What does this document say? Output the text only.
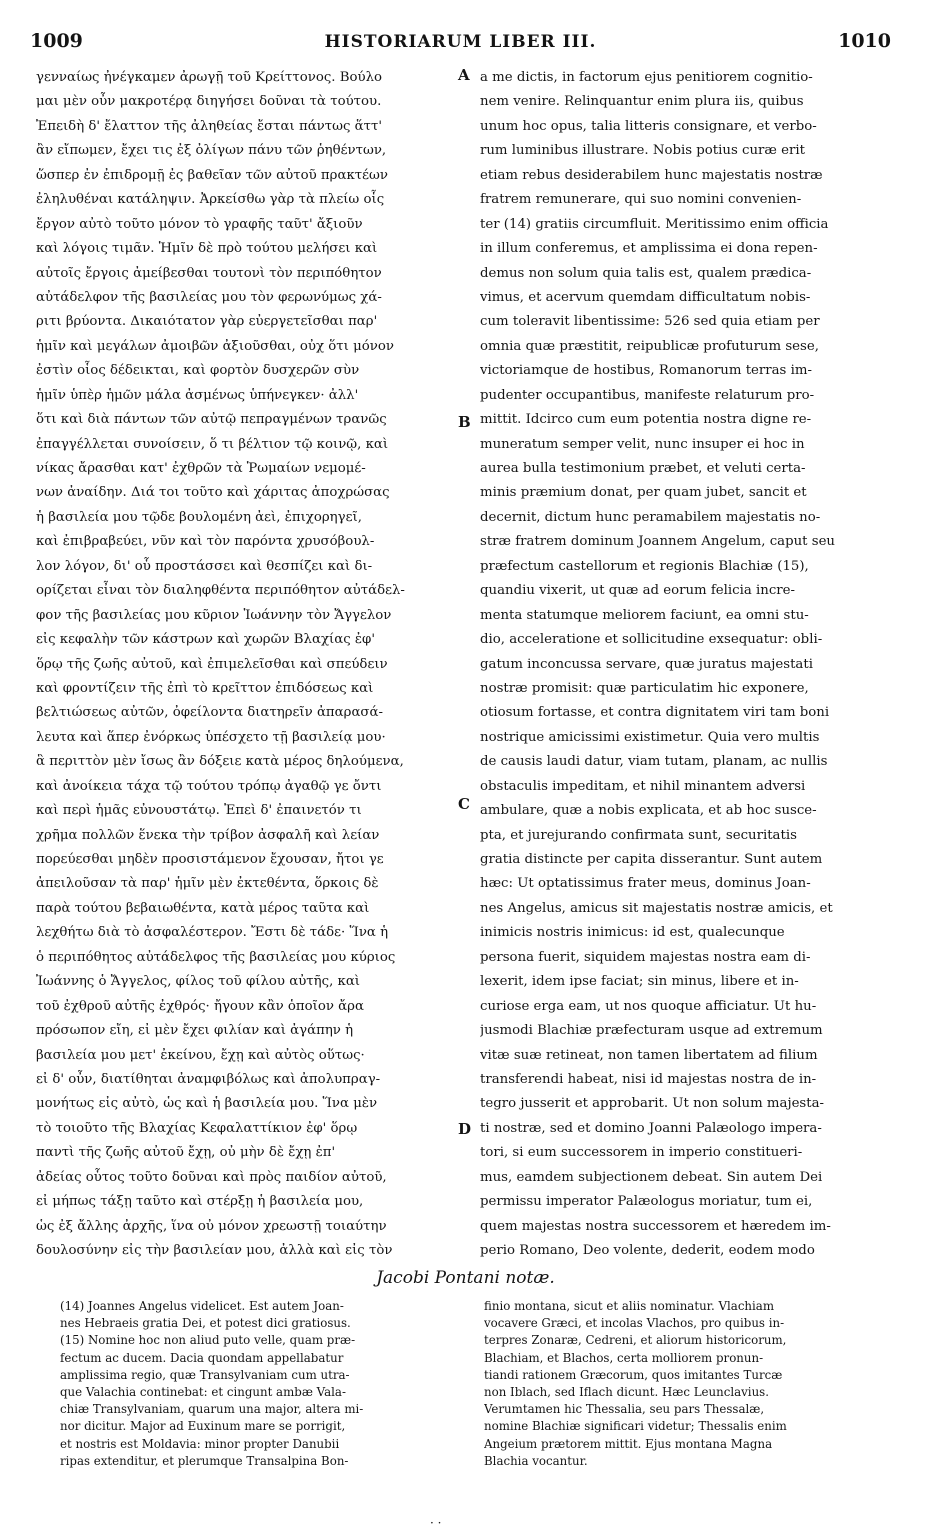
1009	HISTORIARUM LIBER III.	1010
γενναίως ἠνέγκαμεν ἀρωγῇ τοῦ Κρείττονος. Βούλο
μαι μὲν οὖν μακροτέρᾳ διηγήσει δοῦναι τὰ τούτου.
Ἐπειδὴ δ' ἔλαττον τῆς ἀληθείας ἔσται πάντως ἅττ'
ἂν εἴπωμεν, ἔχει τις ἐξ ὀλίγων πάνυ τῶν ῥηθέντων,
ὥσπερ ἐν ἐπιδρομῇ ἐς βαθεῖαν τῶν αὐτοῦ πρακτέων
ἐληλυθέναι κατάληψιν. Ἀρκείσθω γὰρ τὰ πλείω οἷς
ἔργον αὐτὸ τοῦτο μόνον τὸ γραφῆς ταῦτ' ἄξιοῦν
καὶ λόγοις τιμᾶν. Ἡμῖν δὲ πρὸ τούτου μελήσει καὶ
αὐτοῖς ἔργοις ἀμείβεσθαι τουτονὶ τὸν περιπόθητον
αὐτάδελφον τῆς βασιλείας μου τὸν φερωνύμως χά-
ριτι βρύοντα. Δικαιότατον γὰρ εὐεργετεῖσθαι παρ'
ἡμῖν καὶ μεγάλων ἀμοιβῶν ἀξιοῦσθαι, οὐχ ὅτι μόνον
ἐστὶν οἷος δέδεικται, καὶ φορτὸν δυσχερῶν σὺν
ἡμῖν ὑπὲρ ἡμῶν μάλα ἀσμένως ὑπήνεγκεν· ἀλλ'
ὅτι καὶ διὰ πάντων τῶν αὐτῷ πεπραγμένων τρανῶς
ἐπαγγέλλεται συνοίσειν, ὅ τι βέλτιον τῷ κοινῷ, καὶ
νίκας ἄρασθαι κατ' ἐχθρῶν τὰ Ῥωμαίων νεμομέ-
νων ἀναίδην. Διά τοι τοῦτο καὶ χάριτας ἀποχρώσας
ἡ βασιλεία μου τῷδε βουλομένη ἀεὶ, ἐπιχορηγεῖ,
καὶ ἐπιβραβεύει, νῦν καὶ τὸν παρόντα χρυσόβουλ-
λον λόγον, δι' οὗ προστάσσει καὶ θεσπίζει καὶ δι-
ορίζεται εἶναι τὸν διαληφθέντα περιπόθητον αὐτάδελ-
φον τῆς βασιλείας μου κῦριον Ἰωάννην τὸν Ἄγγελον
εἰς κεφαλὴν τῶν κάστρων καὶ χωρῶν Βλαχίας ἐφ'
ὅρῳ τῆς ζωῆς αὐτοῦ, καὶ ἐπιμελεῖσθαι καὶ σπεύδειν
καὶ φροντίζειν τῆς ἐπὶ τὸ κρεῖττον ἐπιδόσεως καὶ
βελτιώσεως αὐτῶν, ὀφείλοντα διατηρεῖν ἀπαρασά-
λευτα καὶ ἅπερ ἐνόρκως ὑπέσχετο τῇ βασιλείᾳ μου·
ἃ περιττὸν μὲν ἴσως ἂν δόξειε κατὰ μέρος δηλούμενα,
καὶ ἀνοίκεια τάχα τῷ τούτου τρόπῳ ἀγαθῷ γε ὄντι
καὶ περὶ ἡμᾶς εὐνουστάτῳ. Ἐπεὶ δ' ἐπαινετόν τι
χρῆμα πολλῶν ἕνεκα τὴν τρίβον ἀσφαλῆ καὶ λείαν
πορεύεσθαι μηδὲν προσιστάμενον ἔχουσαν, ἤτοι γε
ἀπειλοῦσαν τὰ παρ' ἡμῖν μὲν ἐκτεθέντα, ὅρκοις δὲ
παρὰ τούτου βεβαιωθέντα, κατὰ μέρος ταῦτα καὶ
λεχθήτω διὰ τὸ ἀσφαλέστερον. Ἔστι δὲ τάδε· Ἵνα ἡ
ὁ περιπόθητος αὐτάδελφος τῆς βασιλείας μου κύριος
Ἰωάννης ὁ Ἄγγελος, φίλος τοῦ φίλου αὐτῆς, καὶ
τοῦ ἐχθροῦ αὐτῆς ἐχθρός· ἤγουν κἂν ὁποῖον ἄρα
πρόσωπον εἴη, εἰ μὲν ἔχει φιλίαν καὶ ἀγάπην ἡ
βασιλεία μου μετ' ἐκείνου, ἔχῃ καὶ αὐτὸς οὕτως·
εἰ δ' οὖν, διατίθηται ἀναμφιβόλως καὶ ἀπολυπραγ-
μονήτως εἰς αὐτὸ, ὡς καὶ ἡ βασιλεία μου. Ἵνα μὲν
τὸ τοιοῦτο τῆς Βλαχίας Κεφαλαττίκιον ἐφ' ὅρῳ
παντὶ τῆς ζωῆς αὐτοῦ ἔχῃ, οὐ μὴν δὲ ἔχῃ ἐπ'
ἀδείας οὗτος τοῦτο δοῦναι καὶ πρὸς παιδίον αὐτοῦ,
εἰ μήπως τάξῃ ταῦτο καὶ στέρξῃ ἡ βασιλεία μου,
ὡς ἐξ ἄλλης ἀρχῆς, ἵνα οὐ μόνον χρεωστῇ τοιαύτην
δουλοσύνην εἰς τὴν βασιλείαν μου, ἀλλὰ καὶ εἰς τὸν
A
B
C
D
a me dictis, in factorum ejus penitiorem cognitio-
nem venire. Relinquantur enim plura iis, quibus
unum hoc opus, talia litteris consignare, et verbo-
rum luminibus illustrare. Nobis potius curæ erit
etiam rebus desiderabilem hunc majestatis nostræ
fratrem remunerare, qui suo nomini convenien-
ter (14) gratiis circumfluit. Meritissimo enim officia
in illum conferemus, et amplissima ei dona repen-
demus non solum quia talis est, qualem prædica-
vimus, et acervum quemdam difficultatum nobis-
cum toleravit libentissime: 526 sed quia etiam per
omnia quæ præstitit, reipublicæ profuturum sese,
victoriamque de hostibus, Romanorum terras im-
pudenter occupantibus, manifeste relaturum pro-
mittit. Idcirco cum eum potentia nostra digne re-
muneratum semper velit, nunc insuper ei hoc in
aurea bulla testimonium præbet, et veluti certa-
minis præmium donat, per quam jubet, sancit et
decernit, dictum hunc peramabilem majestatis no-
stræ fratrem dominum Joannem Angelum, caput seu
præfectum castellorum et regionis Blachiæ (15),
quandiu vixerit, ut quæ ad eorum felicia incre-
menta statumque meliorem faciunt, ea omni stu-
dio, acceleratione et sollicitudine exsequatur: obli-
gatum inconcussa servare, quæ juratus majestati
nostræ promisit: quæ particulatim hic exponere,
otiosum fortasse, et contra dignitatem viri tam boni
nostrique amicissimi existimetur. Quia vero multis
de causis laudi datur, viam tutam, planam, ac nullis
obstaculis impeditam, et nihil minantem adversi
ambulare, quæ a nobis explicata, et ab hoc susce-
pta, et jurejurando confirmata sunt, securitatis
gratia distincte per capita disserantur. Sunt autem
hæc: Ut optatissimus frater meus, dominus Joan-
nes Angelus, amicus sit majestatis nostræ amicis, et
inimicis nostris inimicus: id est, qualecunque
persona fuerit, siquidem majestas nostra eam di-
lexerit, idem ipse faciat; sin minus, libere et in-
curiose erga eam, ut nos quoque afficiatur. Ut hu-
jusmodi Blachiæ præfecturam usque ad extremum
vitæ suæ retineat, non tamen libertatem ad filium
transferendi habeat, nisi id majestas nostra de in-
tegro jusserit et approbarit. Ut non solum majesta-
ti nostræ, sed et domino Joanni Palæologo impera-
tori, si eum successorem in imperio constitueri-
mus, eamdem subjectionem debeat. Sin autem Dei
permissu imperator Palæologus moriatur, tum ei,
quem majestas nostra successorem et hæredem im-
perio Romano, Deo volente, dederit, eodem modo
Jacobi Pontani notæ.
(14) Joannes Angelus videlicet. Est autem Joan-
nes Hebraeis gratia Dei, et potest dici gratiosus.
(15) Nomine hoc non aliud puto velle, quam præ-
fectum ac ducem. Dacia quondam appellabatur
amplissima regio, quæ Transylvaniam cum utra-
que Valachia continebat: et cingunt ambæ Vala-
chiæ Transylvaniam, quarum una major, altera mi-
nor dicitur. Major ad Euxinum mare se porrigit,
et nostris est Moldavia: minor propter Danubii
ripas extenditur, et plerumque Transalpina Bon-
finio montana, sicut et aliis nominatur. Vlachiam
vocavere Græci, et incolas Vlachos, pro quibus in-
terpres Zonaræ, Cedreni, et aliorum historicorum,
Blachiam, et Blachos, certa molliorem pronun-
tiandi rationem Græcorum, quos imitantes Turcæ
non Iblach, sed Iflach dicunt. Hæc Leunclavius.
Verumtamen hic Thessalia, seu pars Thessalæ,
nomine Blachiæ significari videtur; Thessalis enim
Angeium prætorem mittit. Ejus montana Magna
Blachia vocantur.
· ·
